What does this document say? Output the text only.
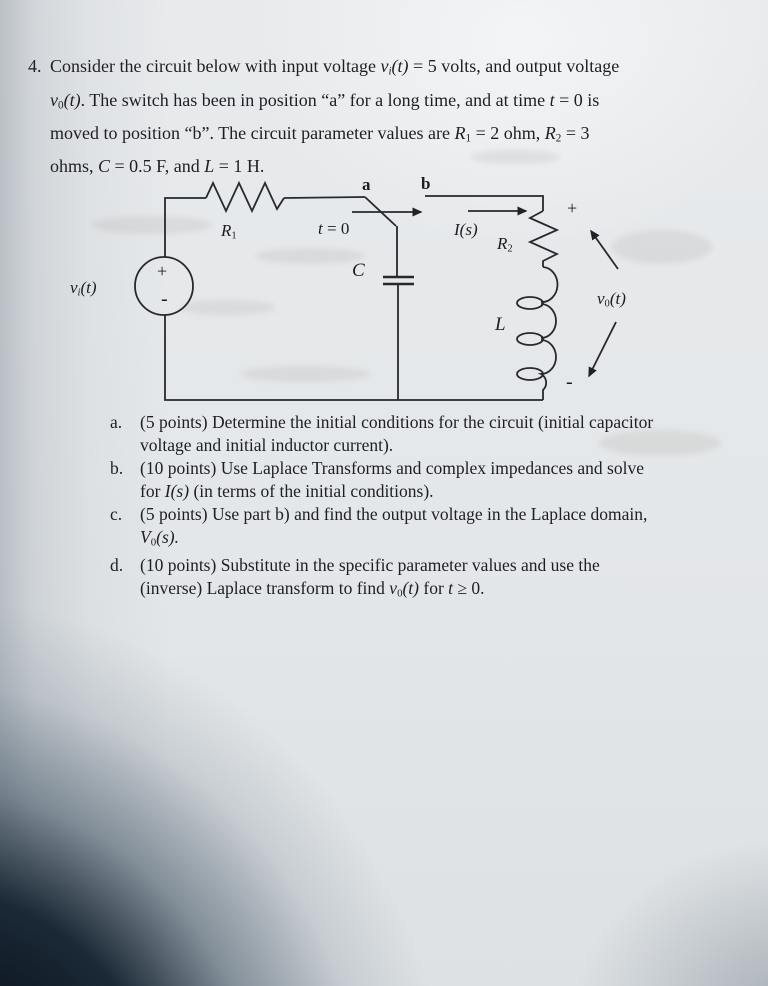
4. Consider the circuit below with input voltage $v_i(t) = 5$ volts, and output voltage
$v_0(t)$. The switch has been in position “a” for a long time, and at time t = 0 is
moved to position “b”. The circuit parameter values are $R_1 = 2$ ohm, $R_2 = 3$
ohms, C = 0.5 F, and L = 1 H.
$v_i(t)$
+
-
$R_1$	t = 0
a	b
C
I(s)
$R_2$
+
L
$v_0(t)$
-
a.	(5 points) Determine the initial conditions for the circuit (initial capacitor
voltage and initial inductor current).
b. (10 points) Use Laplace Transforms and complex impedances and solve
for I(s) (in terms of the initial conditions).
c.	(5 points) Use part b) and find the output voltage in the Laplace domain,
$V_0(s)$.
d. (10 points) Substitute in the specific parameter values and use the
(inverse) Laplace transform to find $v_0(t)$ for t ≥ 0.
